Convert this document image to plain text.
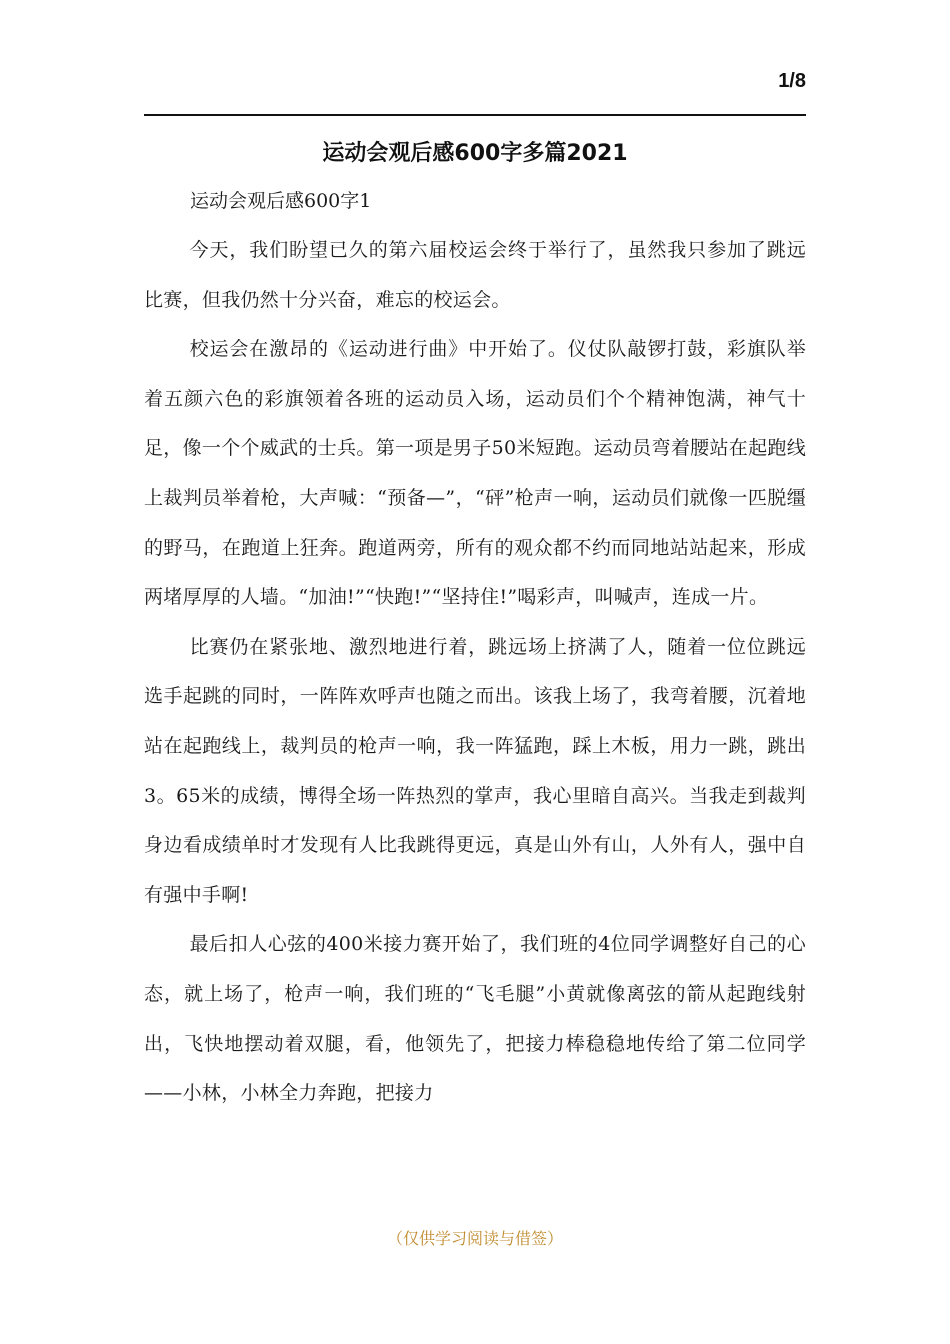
1/8
运动会观后感600字多篇2021
运动会观后感600字1

今天，我们盼望已久的第六届校运会终于举行了，虽然我只参加了跳远比赛，但我仍然十分兴奋，难忘的校运会。

校运会在激昂的《运动进行曲》中开始了。仪仗队敲锣打鼓，彩旗队举着五颜六色的彩旗领着各班的运动员入场，运动员们个个精神饱满，神气十足，像一个个威武的士兵。第一项是男子50米短跑。运动员弯着腰站在起跑线上裁判员举着枪，大声喊：“预备—”，“砰”枪声一响，运动员们就像一匹脱缰的野马，在跑道上狂奔。跑道两旁，所有的观众都不约而同地站站起来，形成两堵厚厚的人墙。“加油!”“快跑!”“坚持住!”喝彩声，叫喊声，连成一片。

比赛仍在紧张地、激烈地进行着，跳远场上挤满了人，随着一位位跳远选手起跳的同时，一阵阵欢呼声也随之而出。该我上场了，我弯着腰，沉着地站在起跑线上，裁判员的枪声一响，我一阵猛跑，踩上木板，用力一跳，跳出3。65米的成绩，博得全场一阵热烈的掌声，我心里暗自高兴。当我走到裁判身边看成绩单时才发现有人比我跳得更远，真是山外有山，人外有人，强中自有强中手啊!

最后扣人心弦的400米接力赛开始了，我们班的4位同学调整好自己的心态，就上场了，枪声一响，我们班的“飞毛腿”小黄就像离弦的箭从起跑线射出，飞快地摆动着双腿，看，他领先了，把接力棒稳稳地传给了第二位同学——小林，小林全力奔跑，把接力

（仅供学习阅读与借签）
